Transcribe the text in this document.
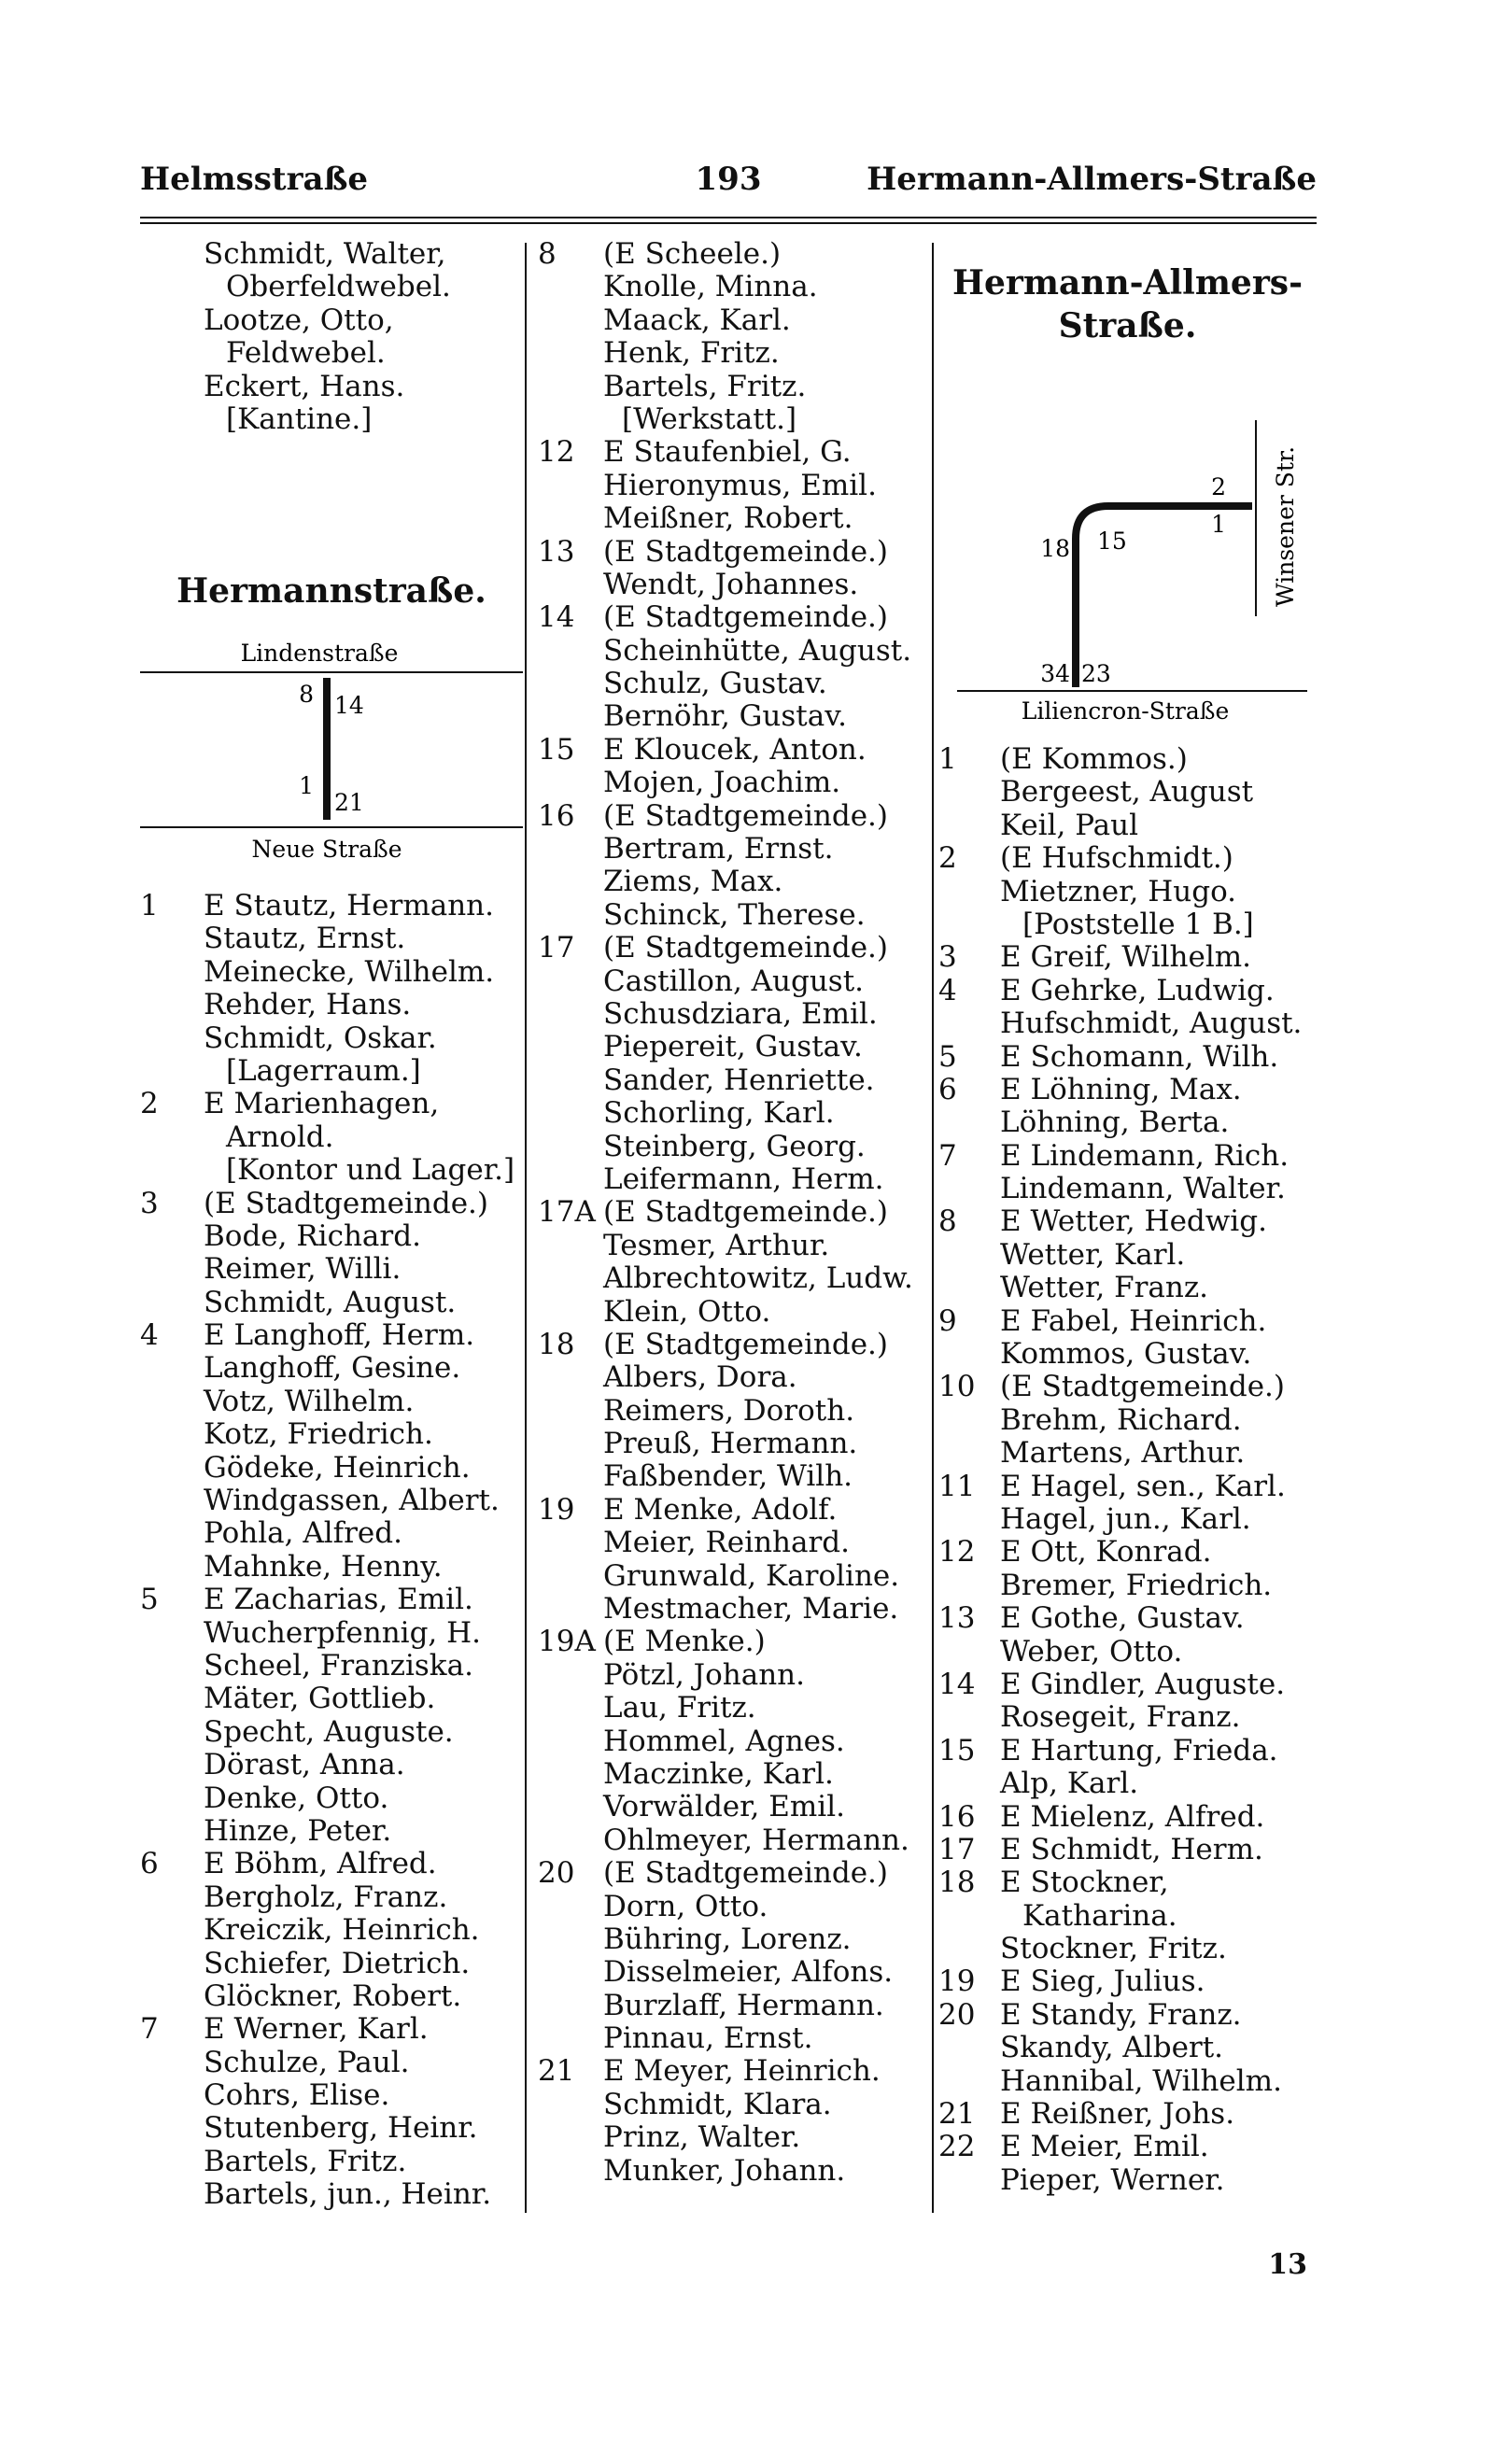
Helmsstraße	193	Hermann-Allmers-Straße
Schmidt, Walter,
Oberfeldwebel.
Lootze, Otto,
Feldwebel.
Eckert, Hans.
[Kantine.]
Hermannstraße.
Lindenstraße
8 14
1
21
Neue Straße
1	E Stautz, Hermann.
Stautz, Ernst.
Meinecke, Wilhelm.
Rehder, Hans.
Schmidt, Oskar.
[Lagerraum.]
2	E Marienhagen,
Arnold.
[Kontor und Lager.]
3	(E Stadtgemeinde.)
Bode, Richard.
Reimer, Willi.
Schmidt, August.
4	E Langhoff, Herm.
Langhoff, Gesine.
Votz, Wilhelm.
Kotz, Friedrich.
Gödeke, Heinrich.
Windgassen, Albert.
Pohla, Alfred.
Mahnke, Henny.
5	E Zacharias, Emil.
Wucherpfennig, H.
Scheel, Franziska.
Mäter, Gottlieb.
Specht, Auguste.
Dörast, Anna.
Denke, Otto.
Hinze, Peter.
6	E Böhm, Alfred.
Bergholz, Franz.
Kreiczik, Heinrich.
Schiefer, Dietrich.
Glöckner, Robert.
7	E Werner, Karl.
Schulze, Paul.
Cohrs, Elise.
Stutenberg, Heinr.
Bartels, Fritz.
Bartels, jun., Heinr.
8	(E Scheele.)
Knolle, Minna.
Maack, Karl.
Henk, Fritz.
Bartels, Fritz.
[Werkstatt.]
12 E Staufenbiel, G.
Hieronymus, Emil.
Meißner, Robert.
13 (E Stadtgemeinde.)
Wendt, Johannes.
14 (E Stadtgemeinde.)
Scheinhütte, August.
Schulz, Gustav.
Bernöhr, Gustav.
15 E Kloucek, Anton.
Mojen, Joachim.
16 (E Stadtgemeinde.)
Bertram, Ernst.
Ziems, Max.
Schinck, Therese.
17 (E Stadtgemeinde.)
Castillon, August.
Schusdziara, Emil.
Piepereit, Gustav.
Sander, Henriette.
Schorling, Karl.
Steinberg, Georg.
Leifermann, Herm.
17A (E Stadtgemeinde.)
Tesmer, Arthur.
Albrechtowitz, Ludw.
Klein, Otto.
18 (E Stadtgemeinde.)
Albers, Dora.
Reimers, Doroth.
Preuß, Hermann.
Faßbender, Wilh.
19 E Menke, Adolf.
Meier, Reinhard.
Grunwald, Karoline.
Mestmacher, Marie.
19A (E Menke.)
Pötzl, Johann.
Lau, Fritz.
Hommel, Agnes.
Maczinke, Karl.
Vorwälder, Emil.
Ohlmeyer, Hermann.
20 (E Stadtgemeinde.)
Dorn, Otto.
Bühring, Lorenz.
Disselmeier, Alfons.
Burzlaff, Hermann.
Pinnau, Ernst.
21 E Meyer, Heinrich.
Schmidt, Klara.
Prinz, Walter.
Munker, Johann.
Hermann-Allmers-
Straße.
Winsener Str.
2
1
18 15
34 23
Liliencron-Straße
1	(E Kommos.)
Bergeest, August
Keil, Paul
2	(E Hufschmidt.)
Mietzner, Hugo.
[Poststelle 1 B.]
3	E Greif, Wilhelm.
4	E Gehrke, Ludwig.
Hufschmidt, August.
5	E Schomann, Wilh.
6	E Löhning, Max.
Löhning, Berta.
7	E Lindemann, Rich.
Lindemann, Walter.
8	E Wetter, Hedwig.
Wetter, Karl.
Wetter, Franz.
9	E Fabel, Heinrich.
Kommos, Gustav.
10 (E Stadtgemeinde.)
Brehm, Richard.
Martens, Arthur.
11 E Hagel, sen., Karl.
Hagel, jun., Karl.
12 E Ott, Konrad.
Bremer, Friedrich.
13 E Gothe, Gustav.
Weber, Otto.
14 E Gindler, Auguste.
Rosegeit, Franz.
15 E Hartung, Frieda.
Alp, Karl.
16 E Mielenz, Alfred.
17 E Schmidt, Herm.
18 E Stockner,
Katharina.
Stockner, Fritz.
19 E Sieg, Julius.
20 E Standy, Franz.
Skandy, Albert.
Hannibal, Wilhelm.
21 E Reißner, Johs.
22 E Meier, Emil.
Pieper, Werner.
13
